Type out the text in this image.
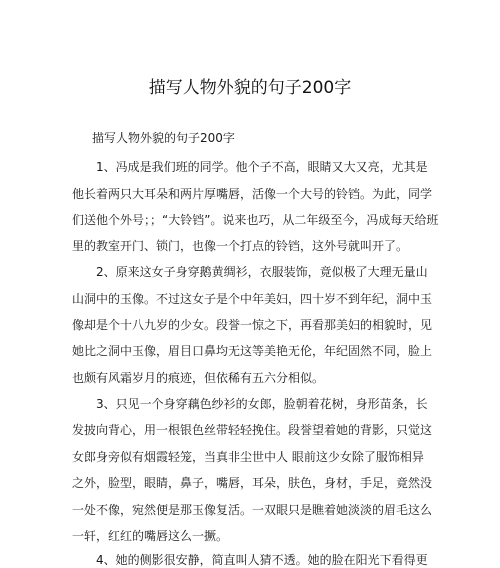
描写人物外貌的句子200字
描写人物外貌的句子200字
1、冯成是我们班的同学。他个子不高，眼睛又大又亮，尤其是
他长着两只大耳朵和两片厚嘴唇，活像一个大号的铃铛。为此，同学
们送他个外号；；“大铃铛”。说来也巧，从二年级至今，冯成每天给班
里的教室开门、锁门，也像一个打点的铃铛，这外号就叫开了。
2、原来这女子身穿鹅黄绸衫，衣服装饰，竟似极了大理无量山
山洞中的玉像。不过这女子是个中年美妇，四十岁不到年纪，洞中玉
像却是个十八九岁的少女。段誉一惊之下，再看那美妇的相貌时，见
她比之洞中玉像，眉目口鼻均无这等美艳无伦，年纪固然不同，脸上
也颇有风霜岁月的痕迹，但依稀有五六分相似。
3、只见一个身穿藕色纱衫的女郎，脸朝着花树，身形苗条，长
发披向背心，用一根银色丝带轻轻挽住。段誉望着她的背影，只觉这
女郎身旁似有烟霞轻笼，当真非尘世中人 眼前这少女除了服饰相异
之外，脸型，眼睛，鼻子，嘴唇，耳朵，肤色，身材，手足，竟然没
一处不像，宛然便是那玉像复活。一双眼只是瞧着她淡淡的眉毛这么
一轩，红红的嘴唇这么一撅。
4、她的侧影很安静，简直叫人猜不透。她的脸在阳光下看得更
